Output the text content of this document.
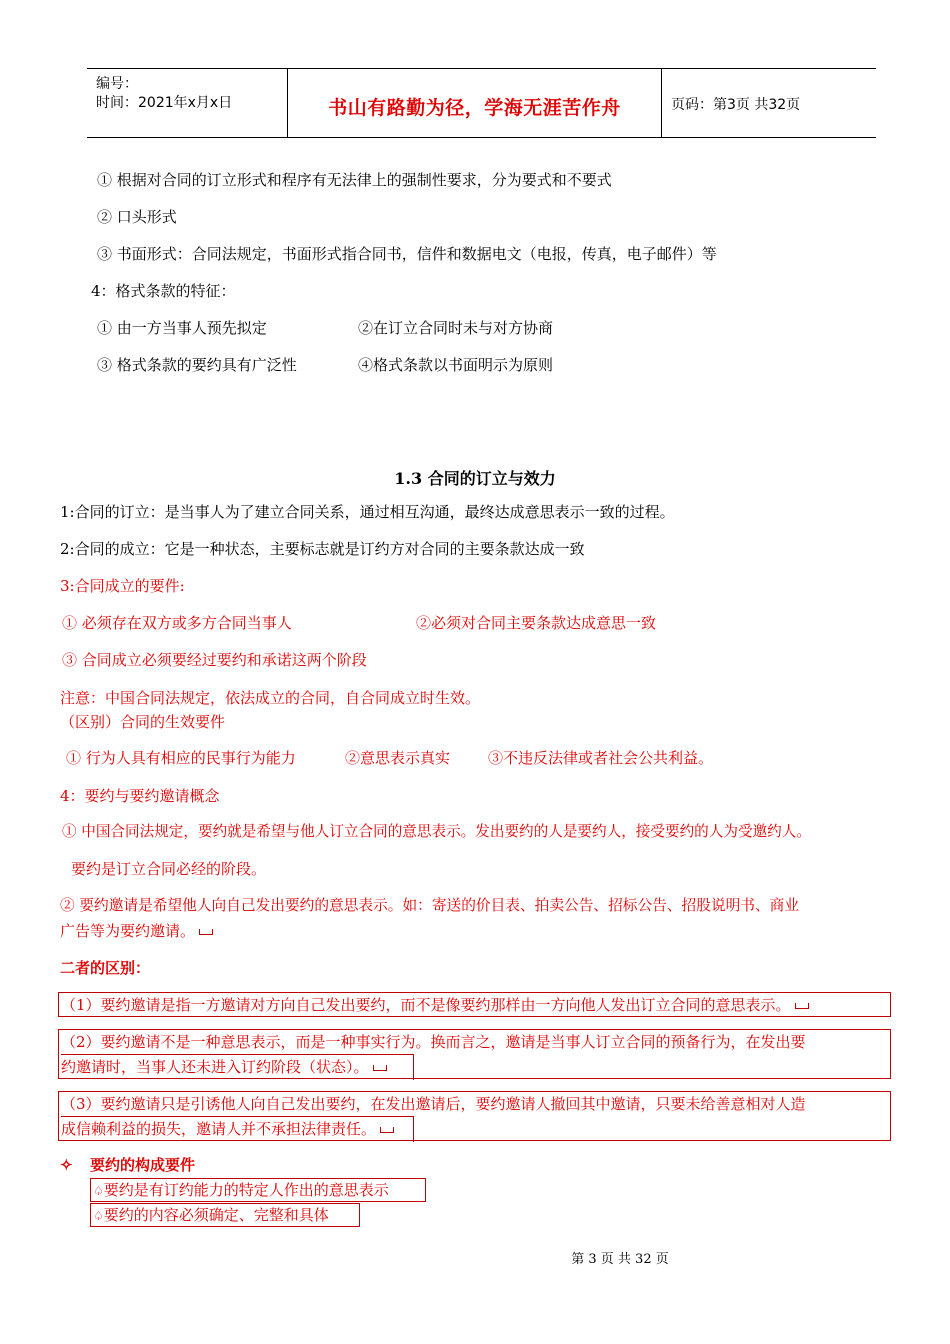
编号：
时间：2021年x月x日	书山有路勤为径，学海无涯苦作舟	页码：第3页 共32页
① 根据对合同的订立形式和程序有无法律上的强制性要求，分为要式和不要式
② 口头形式
③ 书面形式：合同法规定，书面形式指合同书，信件和数据电文（电报，传真，电子邮件）等
4：格式条款的特征：
① 由一方当事人预先拟定	②在订立合同时未与对方协商
③ 格式条款的要约具有广泛性	④格式条款以书面明示为原则
1.3 合同的订立与效力
1:合同的订立：是当事人为了建立合同关系，通过相互沟通，最终达成意思表示一致的过程。
2:合同的成立：它是一种状态，主要标志就是订约方对合同的主要条款达成一致
3:合同成立的要件:
① 必须存在双方或多方合同当事人	②必须对合同主要条款达成意思一致
③ 合同成立必须要经过要约和承诺这两个阶段
注意：中国合同法规定，依法成立的合同，自合同成立时生效。
（区别）合同的生效要件
① 行为人具有相应的民事行为能力	②意思表示真实	③不违反法律或者社会公共利益。
4：要约与要约邀请概念
① 中国合同法规定，要约就是希望与他人订立合同的意思表示。发出要约的人是要约人，接受要约的人为受邀约人。
要约是订立合同必经的阶段。
② 要约邀请是希望他人向自己发出要约的意思表示。如：寄送的价目表、拍卖公告、招标公告、招股说明书、商业
广告等为要约邀请。
二者的区别：
（1）要约邀请是指一方邀请对方向自己发出要约，而不是像要约那样由一方向他人发出订立合同的意思表示。
（2）要约邀请不是一种意思表示，而是一种事实行为。换而言之，邀请是当事人订立合同的预备行为，在发出要
约邀请时，当事人还未进入订约阶段（状态）。
（3）要约邀请只是引诱他人向自己发出要约，在发出邀请后，要约邀请人撤回其中邀请，只要未给善意相对人造
成信赖利益的损失，邀请人并不承担法律责任。
✧ 要约的构成要件
♤要约是有订约能力的特定人作出的意思表示
♤要约的内容必须确定、完整和具体
第 3 页 共 32 页
